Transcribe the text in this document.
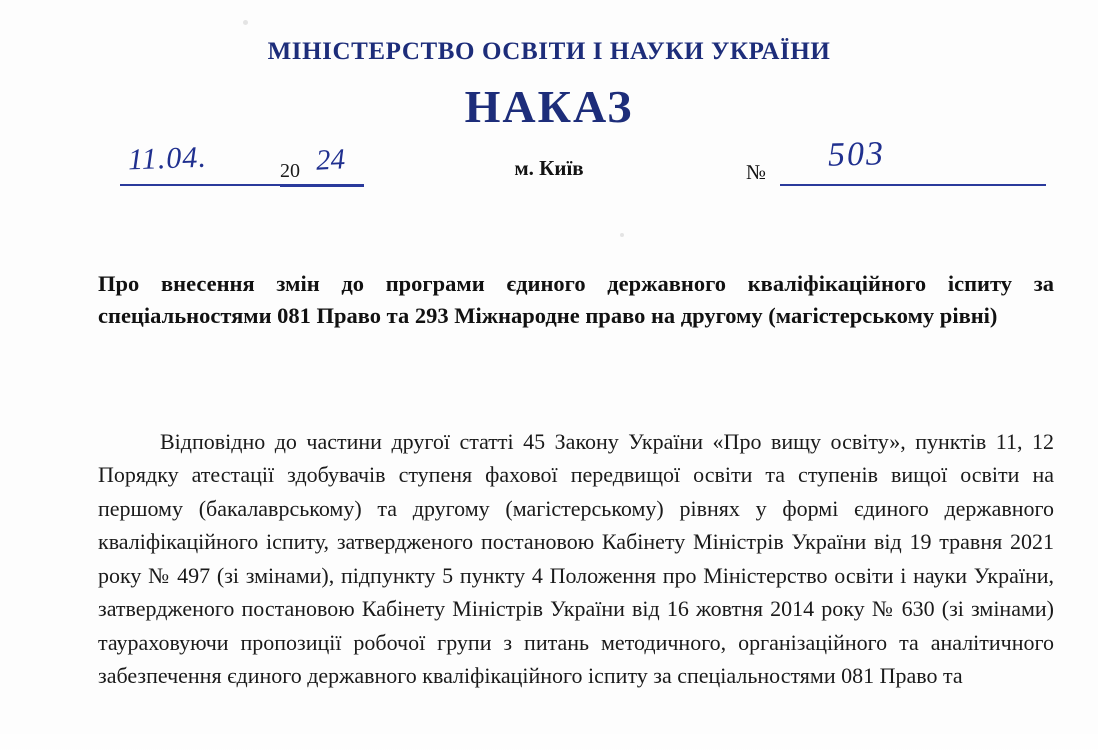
МІНІСТЕРСТВО ОСВІТИ І НАУКИ УКРАЇНИ
НАКАЗ
11.04.	20 24	м. Київ	№ 503
Про внесення змін до програми єдиного державного кваліфікаційного іспиту за спеціальностями 081 Право та 293 Міжнародне право на другому (магістерському рівні)

Відповідно до частини другої статті 45 Закону України «Про вищу освіту», пунктів 11, 12 Порядку атестації здобувачів ступеня фахової передвищої освіти та ступенів вищої освіти на першому (бакалаврському) та другому (магістерському) рівнях у формі єдиного державного кваліфікаційного іспиту, затвердженого постановою Кабінету Міністрів України від 19 травня 2021 року № 497 (зі змінами), підпункту 5 пункту 4 Положення про Міністерство освіти і науки України, затвердженого постановою Кабінету Міністрів України від 16 жовтня 2014 року № 630 (зі змінами) таураховуючи пропозиції робочої групи з питань методичного, організаційного та аналітичного забезпечення єдиного державного кваліфікаційного іспиту за спеціальностями 081 Право та
